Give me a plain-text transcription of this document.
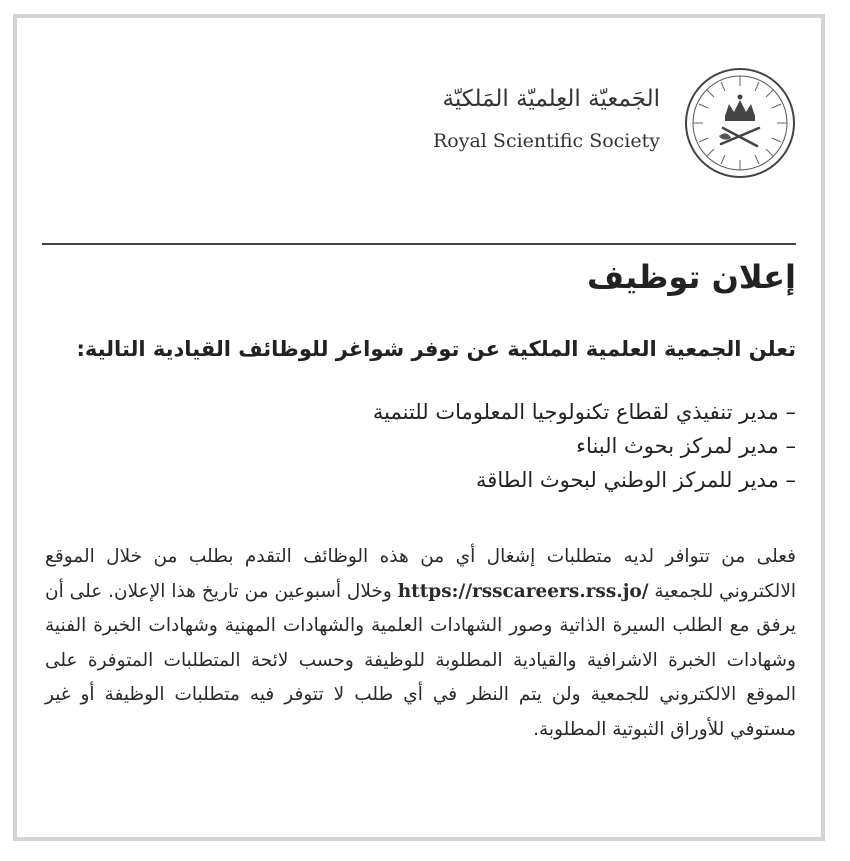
الجَمعيّة العِلميّة المَلكيّة
Royal Scientific Society
إعلان توظيف
تعلن الجمعية العلمية الملكية عن توفر شواغر للوظائف القيادية التالية:
– مدير تنفيذي لقطاع تكنولوجيا المعلومات للتنمية
– مدير لمركز بحوث البناء
– مدير للمركز الوطني لبحوث الطاقة
فعلى من تتوافر لديه متطلبات إشغال أي من هذه الوظائف التقدم بطلب من خلال الموقع الالكتروني للجمعية https://rsscareers.rss.jo/ وخلال أسبوعين من تاريخ هذا الإعلان. على أن يرفق مع الطلب السيرة الذاتية وصور الشهادات العلمية والشهادات المهنية وشهادات الخبرة الفنية وشهادات الخبرة الاشرافية والقيادية المطلوبة للوظيفة وحسب لائحة المتطلبات المتوفرة على الموقع الالكتروني للجمعية ولن يتم النظر في أي طلب لا تتوفر فيه متطلبات الوظيفة أو غير مستوفي للأوراق الثبوتية المطلوبة.
